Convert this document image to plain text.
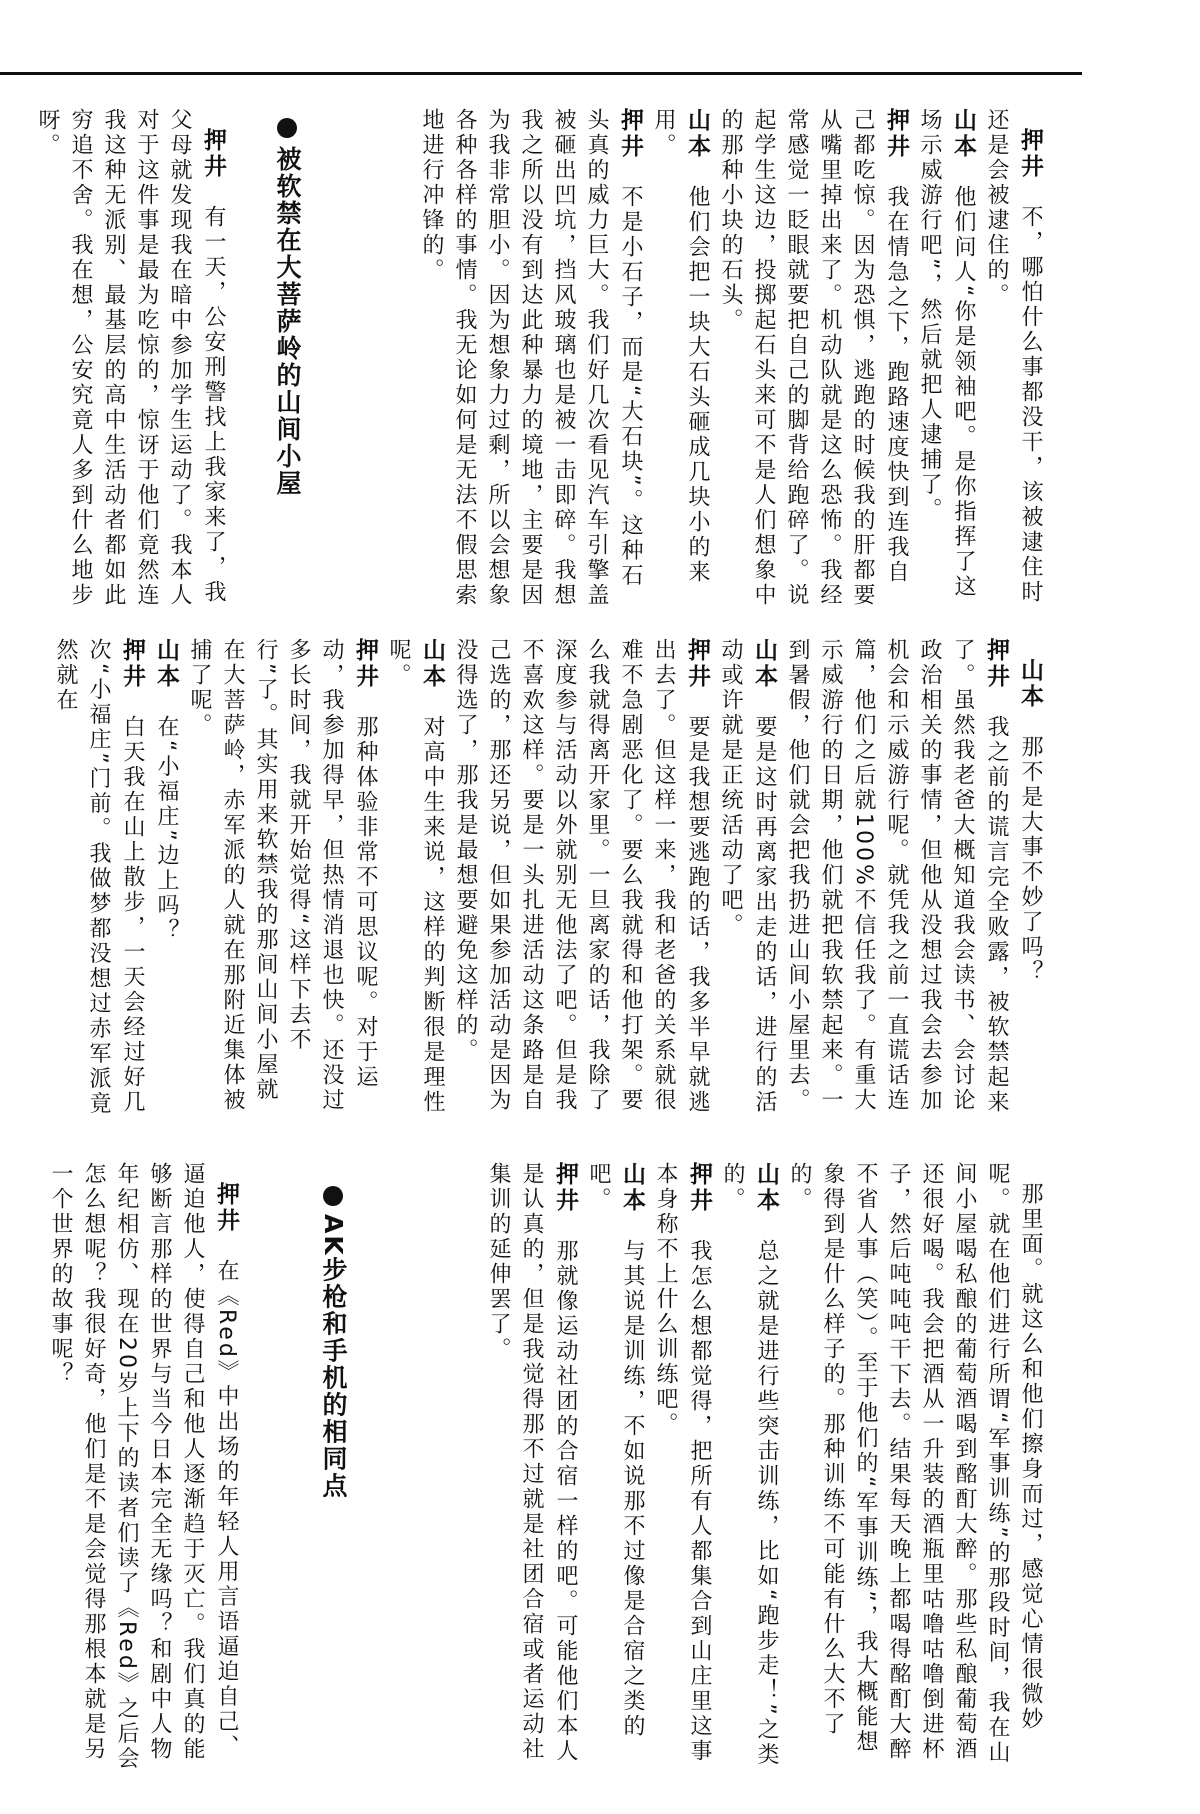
押井　不，哪怕什么事都没干，该被逮住时还是会被逮住的。
山本　他们问人“你是领袖吧。是你指挥了这场示威游行吧”，然后就把人逮捕了。
押井　我在情急之下，跑路速度快到连我自己都吃惊。因为恐惧，逃跑的时候我的肝都要从嘴里掉出来了。机动队就是这么恐怖。我经常感觉一眨眼就要把自己的脚背给跑碎了。说起学生这边，投掷起石头来可不是人们想象中的那种小块的石头。
山本　他们会把一块大石头砸成几块小的来用。
押井　不是小石子，而是“大石块”。这种石头真的威力巨大。我们好几次看见汽车引擎盖被砸出凹坑，挡风玻璃也是被一击即碎。我想我之所以没有到达此种暴力的境地，主要是因为我非常胆小。因为想象力过剩，所以会想象各种各样的事情。我无论如何是无法不假思索地进行冲锋的。

被软禁在大菩萨岭的山间小屋

押井　有一天，公安刑警找上我家来了，我父母就发现我在暗中参加学生运动了。我本人对于这件事是最为吃惊的，惊讶于他们竟然连我这种无派别、最基层的高中生活动者都如此穷追不舍。我在想，公安究竟人多到什么地步呀。

山本　那不是大事不妙了吗？
押井　我之前的谎言完全败露，被软禁起来了。虽然我老爸大概知道我会读书、会讨论政治相关的事情，但他从没想过我会去参加机会和示威游行呢。就凭我之前一直谎话连篇，他们之后就100%不信任我了。有重大示威游行的日期，他们就把我软禁起来。一到暑假，他们就会把我扔进山间小屋里去。
山本　要是这时再离家出走的话，进行的活动或许就是正统活动了吧。
押井　要是我想要逃跑的话，我多半早就逃出去了。但这样一来，我和老爸的关系就很难不急剧恶化了。要么我就得和他打架。要么我就得离开家里。一旦离家的话，我除了深度参与活动以外就别无他法了吧。但是我不喜欢这样。要是一头扎进活动这条路是自己选的，那还另说，但如果参加活动是因为没得选了，那我是最想要避免这样的。
山本　对高中生来说，这样的判断很是理性呢。
押井　那种体验非常不可思议呢。对于运动，我参加得早，但热情消退也快。还没过多长时间，我就开始觉得“这样下去不行”了。其实用来软禁我的那间山间小屋就在大菩萨岭，赤军派的人就在那附近集体被捕了呢。
山本　在“小福庄”边上吗？
押井　白天我在山上散步，一天会经过好几次“小福庄”门前。我做梦都没想过赤军派竟然就在

那里面。就这么和他们擦身而过，感觉心情很微妙呢。就在他们进行所谓“军事训练”的那段时间，我在山间小屋喝私酿的葡萄酒喝到酩酊大醉。那些私酿葡萄酒还很好喝。我会把酒从一升装的酒瓶里咕噜咕噜倒进杯子，然后吨吨吨干下去。结果每天晚上都喝得酩酊大醉不省人事（笑）。至于他们的“军事训练”，我大概能想象得到是什么样子的。那种训练不可能有什么大不了的。
山本　总之就是进行些突击训练，比如“跑步走！”之类的。
押井　我怎么想都觉得，把所有人都集合到山庄里这事本身称不上什么训练吧。
山本　与其说是训练，不如说那不过像是合宿之类的吧。
押井　那就像运动社团的合宿一样的吧。可能他们本人是认真的，但是我觉得那不过就是社团合宿或者运动社集训的延伸罢了。

AK步枪和手机的相同点

押井　在《Red》中出场的年轻人用言语逼迫自己、逼迫他人，使得自己和他人逐渐趋于灭亡。我们真的能够断言那样的世界与当今日本完全无缘吗？和剧中人物年纪相仿、现在20岁上下的读者们读了《Red》之后会怎么想呢？我很好奇，他们是不是会觉得那根本就是另一个世界的故事呢？
